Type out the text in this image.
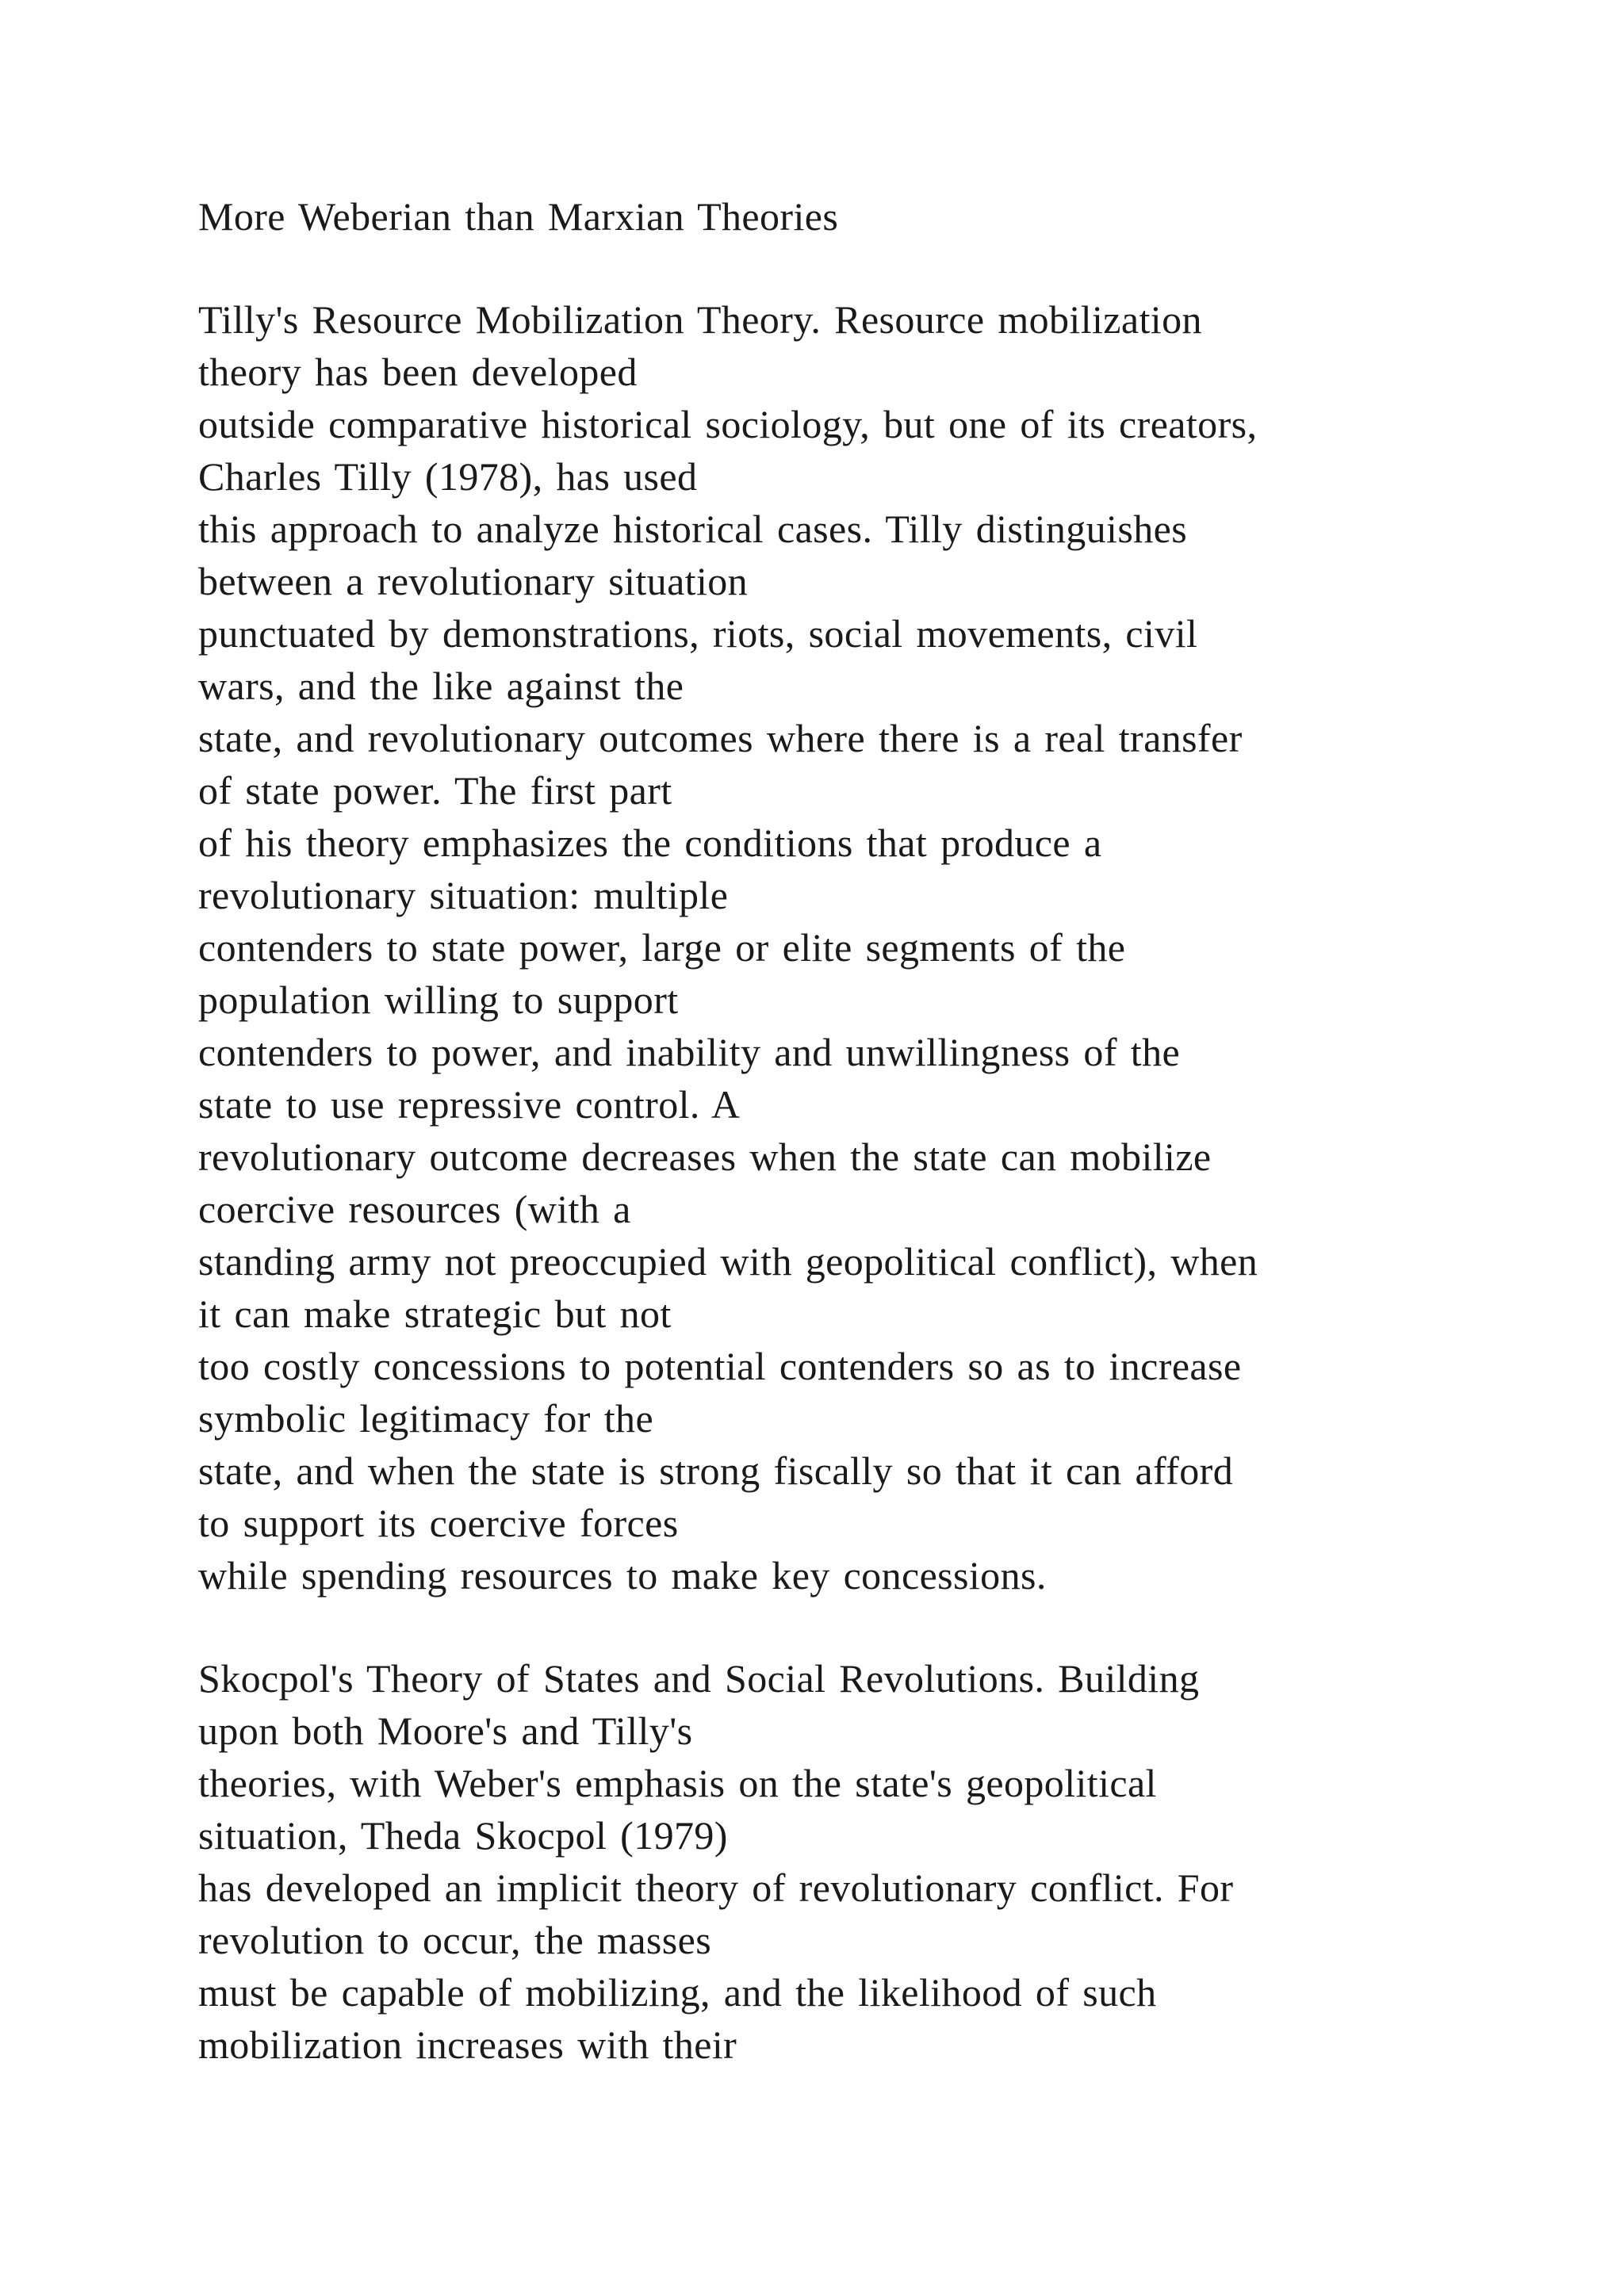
More Weberian than Marxian Theories
Tilly's Resource Mobilization Theory. Resource mobilization
theory has been developed
outside comparative historical sociology, but one of its creators,
Charles Tilly (1978), has used
this approach to analyze historical cases. Tilly distinguishes
between a revolutionary situation
punctuated by demonstrations, riots, social movements, civil
wars, and the like against the
state, and revolutionary outcomes where there is a real transfer
of state power. The first part
of his theory emphasizes the conditions that produce a
revolutionary situation: multiple
contenders to state power, large or elite segments of the
population willing to support
contenders to power, and inability and unwillingness of the
state to use repressive control. A
revolutionary outcome decreases when the state can mobilize
coercive resources (with a
standing army not preoccupied with geopolitical conflict), when
it can make strategic but not
too costly concessions to potential contenders so as to increase
symbolic legitimacy for the
state, and when the state is strong fiscally so that it can afford
to support its coercive forces
while spending resources to make key concessions.
Skocpol's Theory of States and Social Revolutions. Building
upon both Moore's and Tilly's
theories, with Weber's emphasis on the state's geopolitical
situation, Theda Skocpol (1979)
has developed an implicit theory of revolutionary conflict. For
revolution to occur, the masses
must be capable of mobilizing, and the likelihood of such
mobilization increases with their
